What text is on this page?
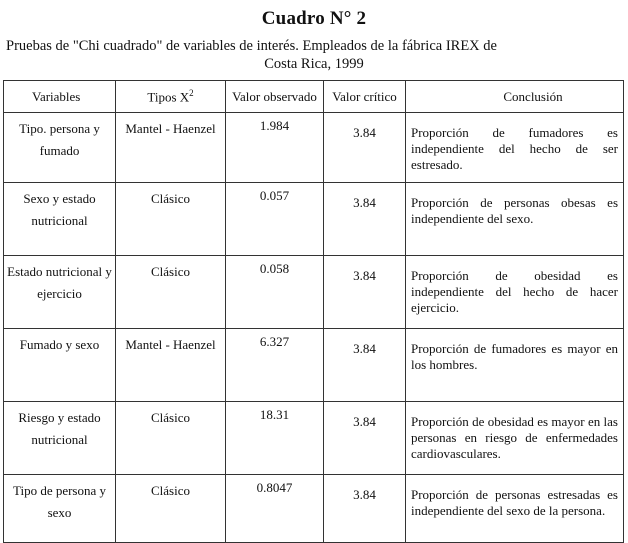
Cuadro N° 2
Pruebas de "Chi cuadrado" de variables de interés. Empleados de la fábrica IREX de
Costa Rica, 1999
Variables	Tipos $X^2$	Valor observado	Valor crítico	Conclusión
Tipo. persona y fumado	Mantel - Haenzel	1.984	3.84	Proporción de fumadores es independiente del hecho de ser estresado.
Sexo y estado nutricional	Clásico	0.057	3.84	Proporción de personas obesas es independiente del sexo.
Estado nutricional y ejercicio	Clásico	0.058	3.84	Proporción de obesidad es independiente del hecho de hacer ejercicio.
Fumado y sexo	Mantel - Haenzel	6.327	3.84	Proporción de fumadores es mayor en los hombres.
Riesgo y estado nutricional	Clásico	18.31	3.84	Proporción de obesidad es mayor en las personas en riesgo de enfermedades cardiovasculares.
Tipo de persona y sexo	Clásico	0.8047	3.84	Proporción de personas estresadas es independiente del sexo de la persona.
